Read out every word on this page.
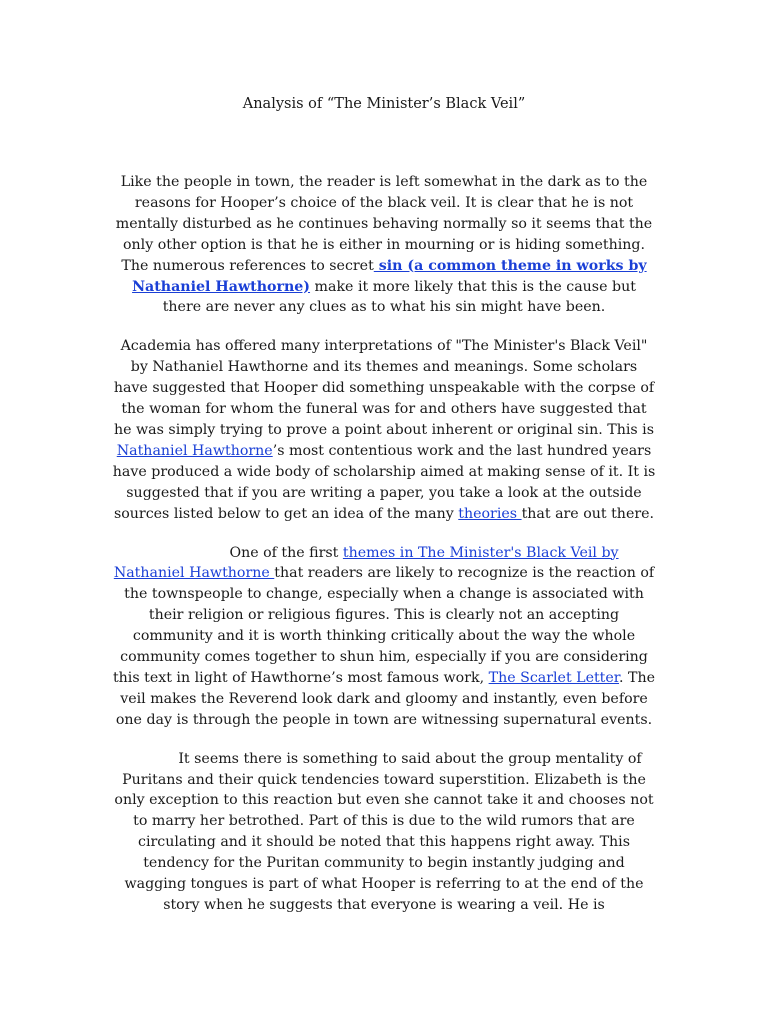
Analysis of “The Minister’s Black Veil”

Like the people in town, the reader is left somewhat in the dark as to the reasons for Hooper’s choice of the black veil. It is clear that he is not mentally disturbed as he continues behaving normally so it seems that the only other option is that he is either in mourning or is hiding something. The numerous references to secret sin (a common theme in works by Nathaniel Hawthorne) make it more likely that this is the cause but there are never any clues as to what his sin might have been.

Academia has offered many interpretations of "The Minister's Black Veil" by Nathaniel Hawthorne and its themes and meanings. Some scholars have suggested that Hooper did something unspeakable with the corpse of the woman for whom the funeral was for and others have suggested that he was simply trying to prove a point about inherent or original sin. This is Nathaniel Hawthorne’s most contentious work and the last hundred years have produced a wide body of scholarship aimed at making sense of it. It is suggested that if you are writing a paper, you take a look at the outside sources listed below to get an idea of the many theories that are out there.

One of the first themes in The Minister's Black Veil by Nathaniel Hawthorne that readers are likely to recognize is the reaction of the townspeople to change, especially when a change is associated with their religion or religious figures. This is clearly not an accepting community and it is worth thinking critically about the way the whole community comes together to shun him, especially if you are considering this text in light of Hawthorne’s most famous work, The Scarlet Letter. The veil makes the Reverend look dark and gloomy and instantly, even before one day is through the people in town are witnessing supernatural events.

It seems there is something to said about the group mentality of Puritans and their quick tendencies toward superstition. Elizabeth is the only exception to this reaction but even she cannot take it and chooses not to marry her betrothed. Part of this is due to the wild rumors that are circulating and it should be noted that this happens right away. This tendency for the Puritan community to begin instantly judging and wagging tongues is part of what Hooper is referring to at the end of the story when he suggests that everyone is wearing a veil. He is
